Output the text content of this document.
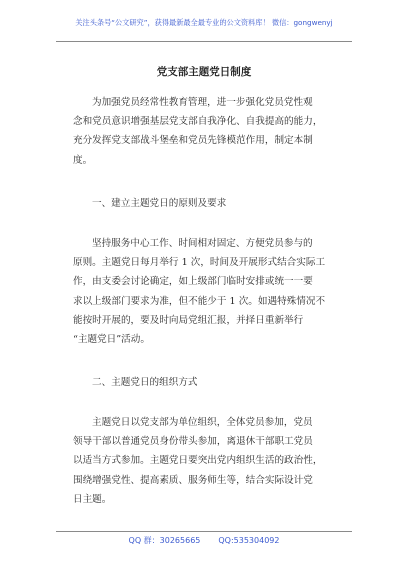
关注头条号“公文研究”，获得最新最全最专业的公文资料库！ 微信：gongwenyj
党支部主题党日制度
为加强党员经常性教育管理，进一步强化党员党性观
念和党员意识增强基层党支部自我净化、自我提高的能力，
充分发挥党支部战斗堡垒和党员先锋模范作用，制定本制
度。
一、建立主题党日的原则及要求
坚持服务中心工作、时间相对固定、方便党员参与的
原则。主题党日每月举行 1 次，时间及开展形式结合实际工
作，由支委会讨论确定，如上级部门临时安排或统一一要
求以上级部门要求为准，但不能少于 1 次。如遇特殊情况不
能按时开展的，要及时向局党组汇报，并择日重新举行
“主题党日”活动。
二、主题党日的组织方式
主题党日以党支部为单位组织，全体党员参加，党员
领导干部以普通党员身份带头参加，离退休干部职工党员
以适当方式参加。主题党日要突出党内组织生活的政治性，
围绕增强党性、提高素质、服务师生等，结合实际设计党
日主题。
QQ 群：30265665 QQ:535304092
